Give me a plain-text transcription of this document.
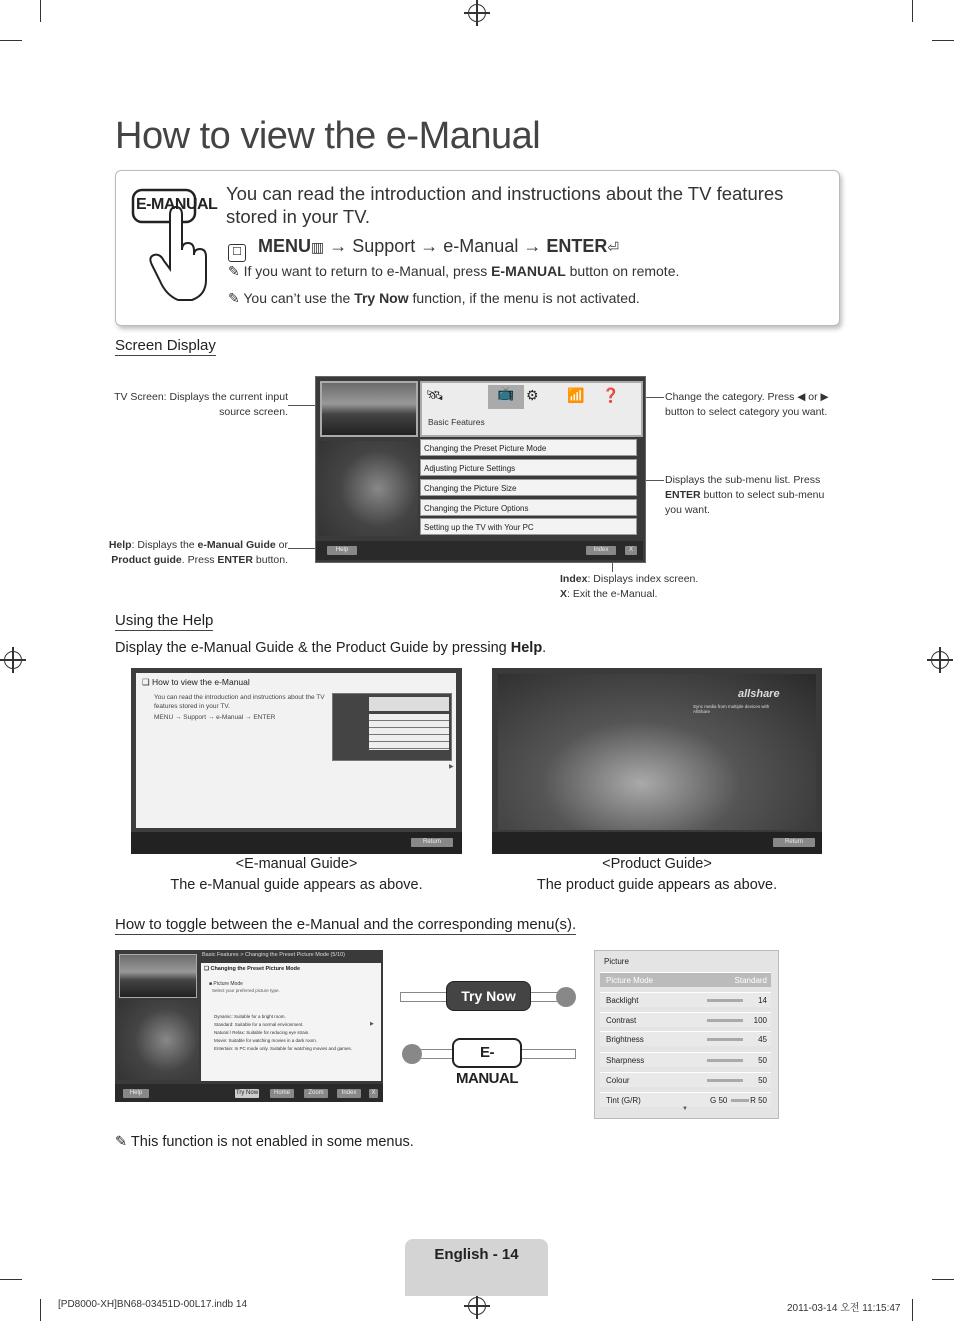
How to view the e-Manual
E-MANUAL
You can read the introduction and instructions about the TV features stored in your TV.
☐ MENU▥ → Support → e-Manual → ENTER⏎
✎ If you want to return to e-Manual, press E-MANUAL button on remote.
✎ You can’t use the Try Now function, if the menu is not activated.
Screen Display
TV Screen: Displays the current input source screen.
Change the category. Press ◀ or ▶ button to select category you want.
Displays the sub-menu list. Press ENTER button to select sub-menu you want.
Help: Displays the e-Manual Guide or Product guide. Press ENTER button.
Index: Displays index screen.
X: Exit the e-Manual.
🛰	📺 ⚙ 📶 ❓
Basic Features
Changing the Preset Picture Mode
Adjusting Picture Settings
Changing the Picture Size
Changing the Picture Options
Setting up the TV with Your PC
Help	Index	X
Using the Help
Display the e-Manual Guide & the Product Guide by pressing Help.
❑ How to view the e-Manual
You can read the introduction and instructions about the TV features stored in your TV.
MENU → Support → e-Manual → ENTER
▶
Return
allshare
Sync media from multiple devices with AllShare
Return
<E-manual Guide>
The e-Manual guide appears as above.
<Product Guide>
The product guide appears as above.
How to toggle between the e-Manual and the corresponding menu(s).
Basic Features > Changing the Preset Picture Mode (5/10)
❑ Changing the Preset Picture Mode
■ Picture Mode
Select your preferred picture type.
Dynamic: Suitable for a bright room.
Standard: Suitable for a normal environment.
Natural / Relax: Suitable for reducing eye strain.
Movie: Suitable for watching movies in a dark room.
Entertain: In PC mode only. Suitable for watching movies and games.
▶
Help	Try Now	Home	Zoom	Index	X
Try Now
E-MANUAL
Picture
Picture Mode	Standard
Backlight	14
Contrast	100
Brightness	45
Sharpness	50
Colour	50
Tint (G/R)	G 50	R 50
▼
✎ This function is not enabled in some menus.
English - 14
[PD8000-XH]BN68-03451D-00L17.indb 14	2011-03-14 오전 11:15:47
